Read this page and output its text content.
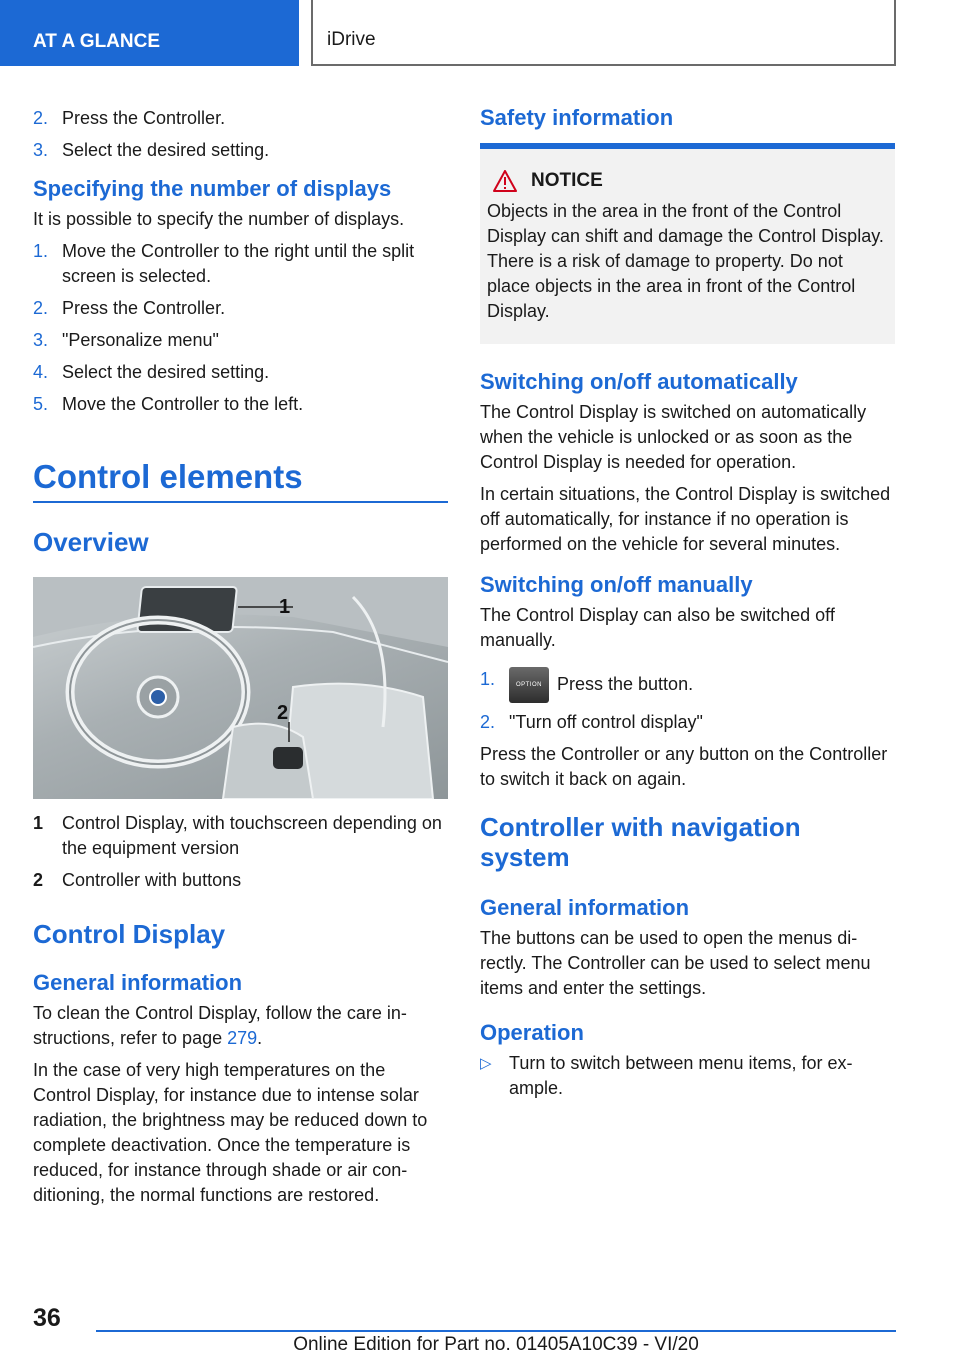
AT A GLANCE	iDrive
2. Press the Controller.
3. Select the desired setting.
Specifying the number of displays

It is possible to specify the number of displays.

1. Move the Controller to the right until the split screen is selected.
2. Press the Controller.
3. "Personalize menu"
4. Select the desired setting.
5. Move the Controller to the left.
Control elements
Overview
1
2
1 Control Display, with touchscreen depending on the equipment version
2 Controller with buttons
Control Display
General information

To clean the Control Display, follow the care instructions, refer to page 279.

In the case of very high temperatures on the Control Display, for instance due to intense solar radiation, the brightness may be reduced down to complete deactivation. Once the temperature is reduced, for instance through shade or air conditioning, the normal functions are restored.

Safety information
NOTICE

Objects in the area in the front of the Control Display can shift and damage the Control Display. There is a risk of damage to property. Do not place objects in the area in front of the Control Display.

Switching on/off automatically

The Control Display is switched on automatically when the vehicle is unlocked or as soon as the Control Display is needed for operation.

In certain situations, the Control Display is switched off automatically, for instance if no operation is performed on the vehicle for several minutes.

Switching on/off manually

The Control Display can also be switched off manually.

1.	OPTION Press the button.
2. "Turn off control display"

Press the Controller or any button on the Controller to switch it back on again.

Controller with navigation system
General information

The buttons can be used to open the menus directly. The Controller can be used to select menu items and enter the settings.

Operation
▷ Turn to switch between menu items, for example.
36
Online Edition for Part no. 01405A10C39 - VI/20
